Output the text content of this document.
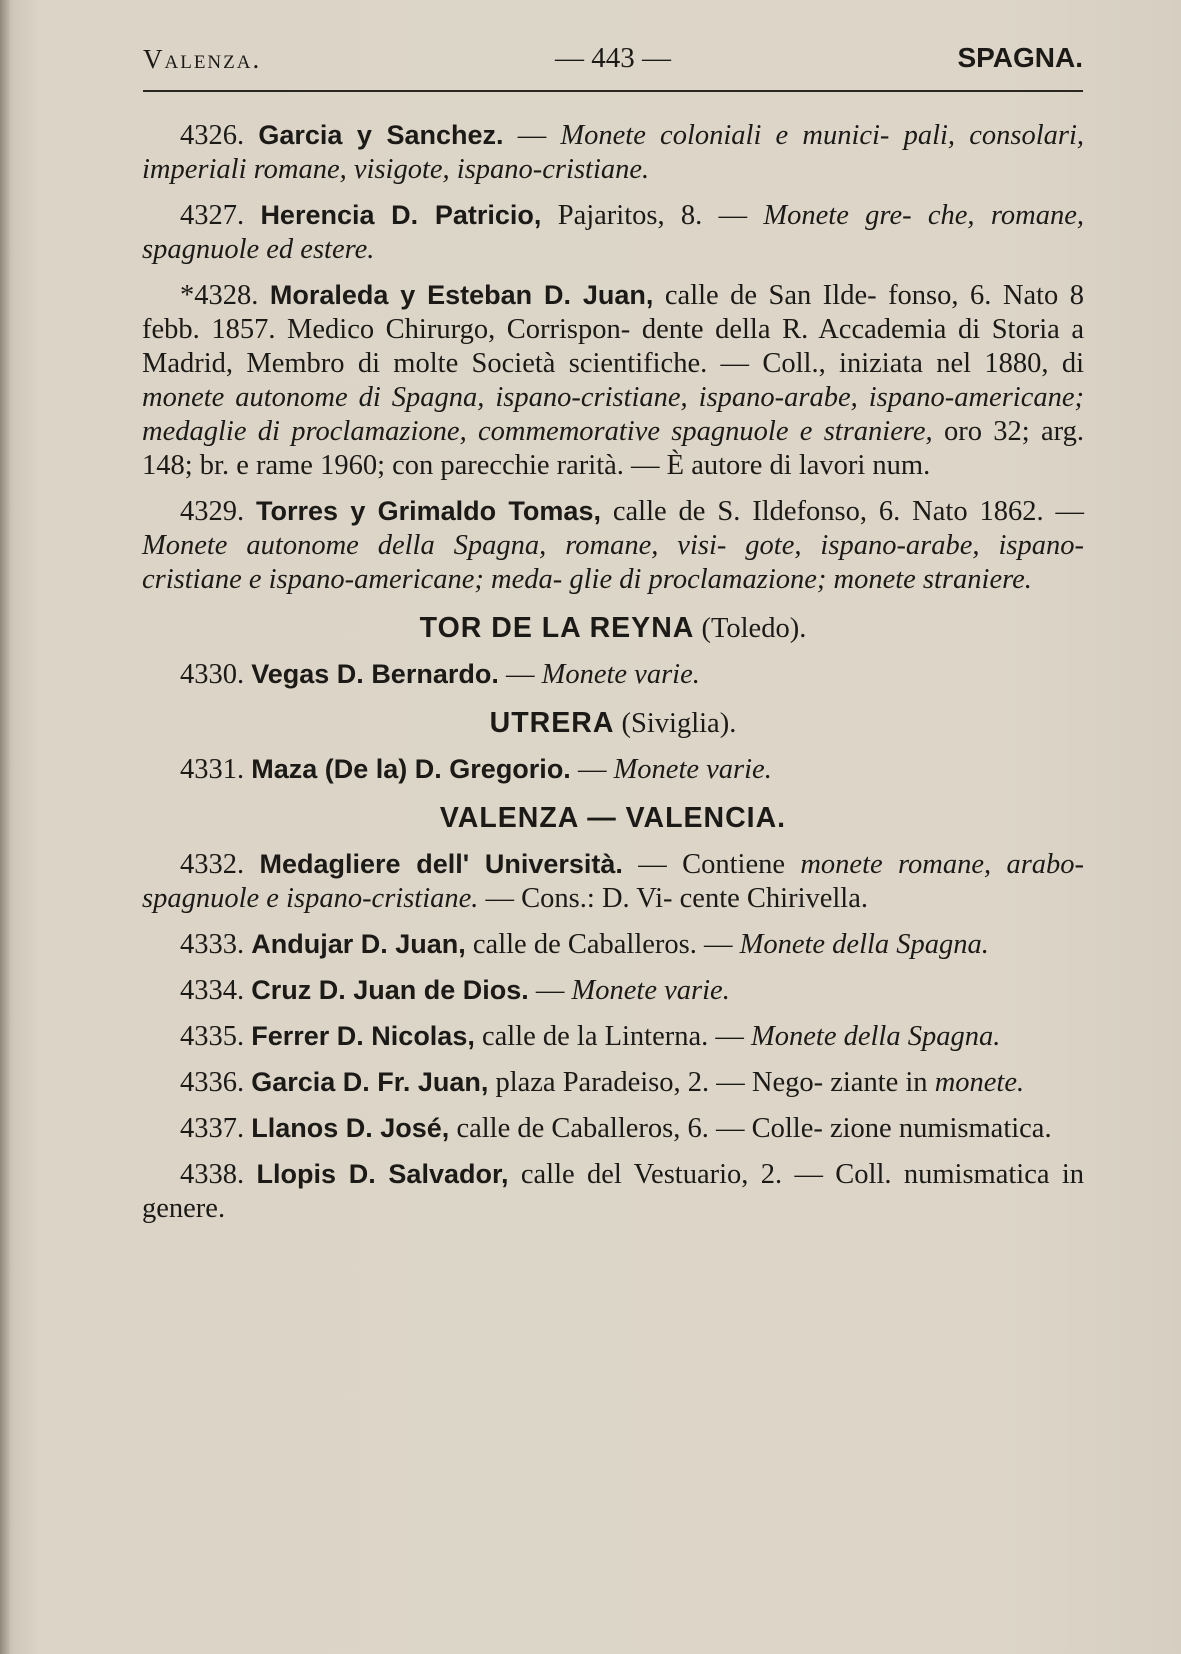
Valenza.	— 443 —	SPAGNA.

4326. Garcia y Sanchez. — Monete coloniali e munici- pali, consolari, imperiali romane, visigote, ispano-cristiane.

4327. Herencia D. Patricio, Pajaritos, 8. — Monete gre- che, romane, spagnuole ed estere.

*4328. Moraleda y Esteban D. Juan, calle de San Ilde- fonso, 6. Nato 8 febb. 1857. Medico Chirurgo, Corrispon- dente della R. Accademia di Storia a Madrid, Membro di molte Società scientifiche. — Coll., iniziata nel 1880, di monete autonome di Spagna, ispano-cristiane, ispano-arabe, ispano-americane; medaglie di proclamazione, commemorative spagnuole e straniere, oro 32; arg. 148; br. e rame 1960; con parecchie rarità. — È autore di lavori num.

4329. Torres y Grimaldo Tomas, calle de S. Ildefonso, 6. Nato 1862. — Monete autonome della Spagna, romane, visi- gote, ispano-arabe, ispano-cristiane e ispano-americane; meda- glie di proclamazione; monete straniere.

TOR DE LA REYNA (Toledo).

4330. Vegas D. Bernardo. — Monete varie.

UTRERA (Siviglia).

4331. Maza (De la) D. Gregorio. — Monete varie.

VALENZA — VALENCIA.

4332. Medagliere dell' Università. — Contiene monete romane, arabo-spagnuole e ispano-cristiane. — Cons.: D. Vi- cente Chirivella.

4333. Andujar D. Juan, calle de Caballeros. — Monete della Spagna.

4334. Cruz D. Juan de Dios. — Monete varie.

4335. Ferrer D. Nicolas, calle de la Linterna. — Monete della Spagna.

4336. Garcia D. Fr. Juan, plaza Paradeiso, 2. — Nego- ziante in monete.

4337. Llanos D. José, calle de Caballeros, 6. — Colle- zione numismatica.

4338. Llopis D. Salvador, calle del Vestuario, 2. — Coll. numismatica in genere.
